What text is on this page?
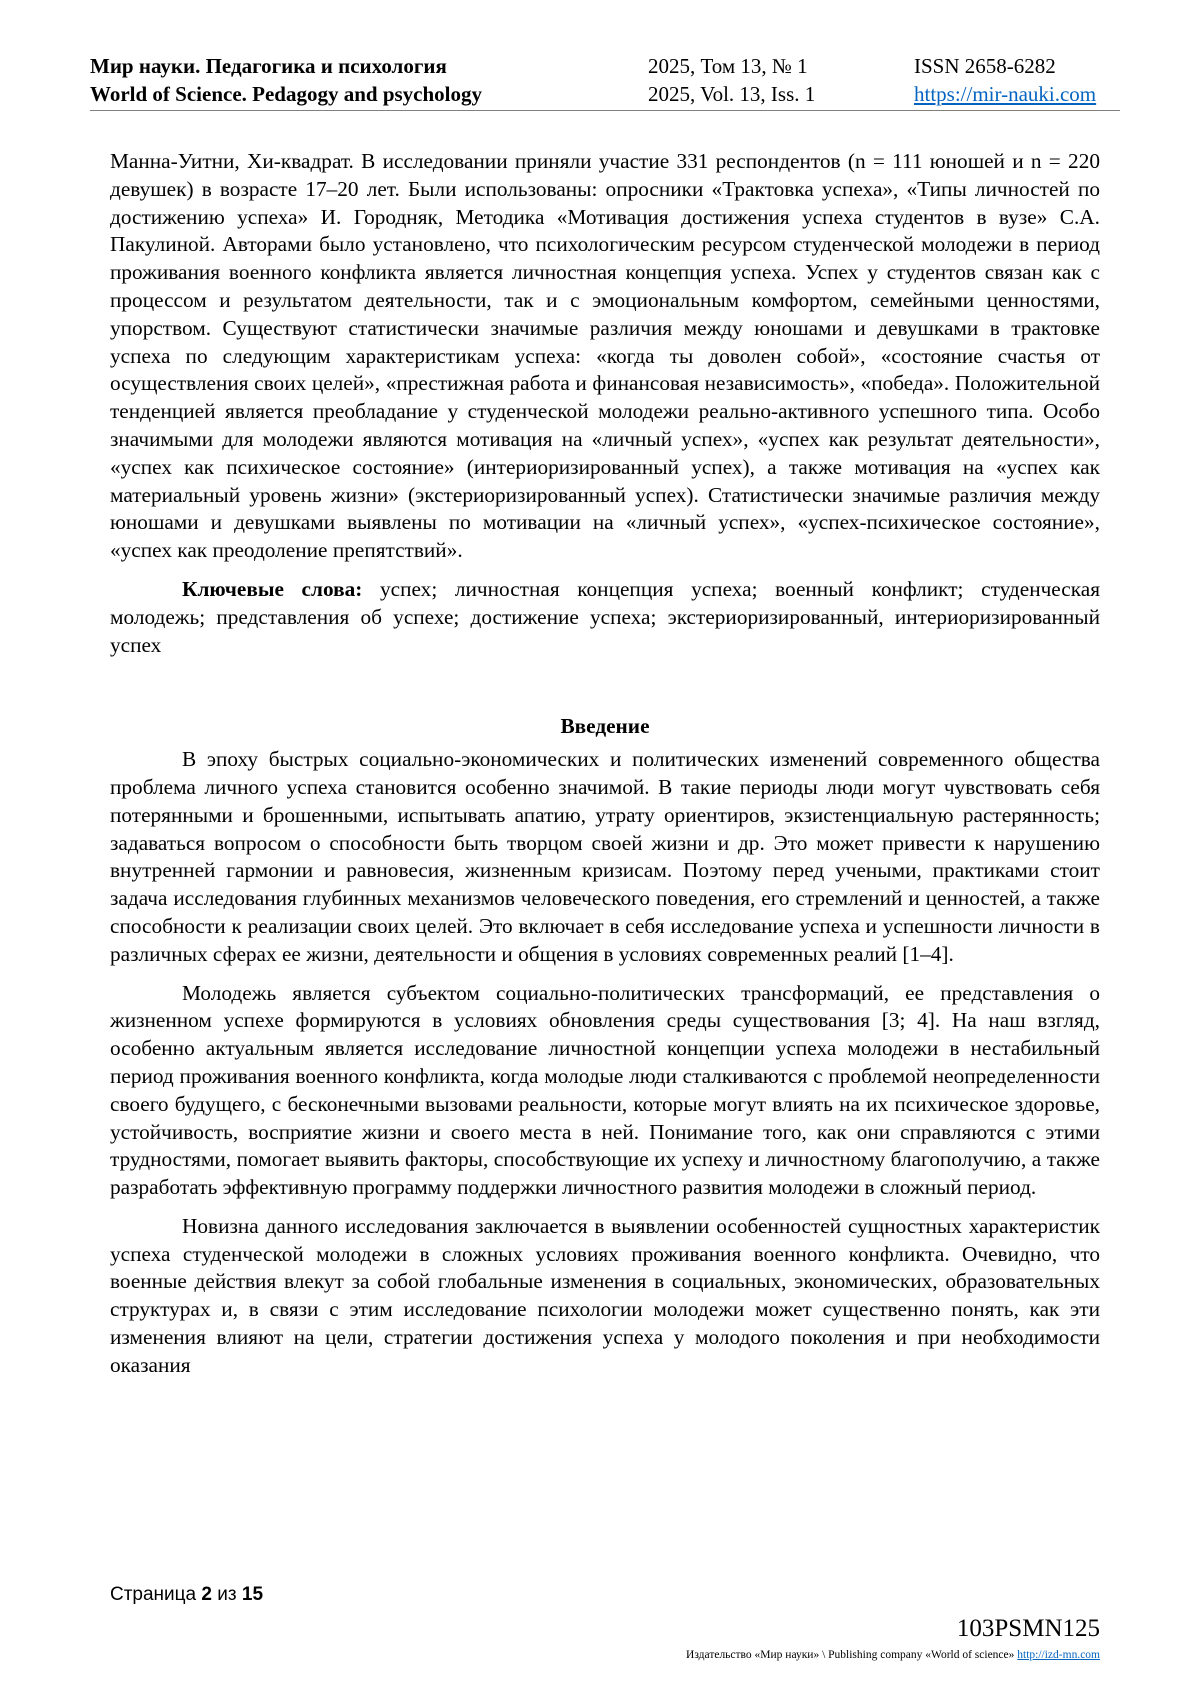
Мир науки. Педагогика и психология
World of Science. Pedagogy and psychology
2025, Том 13, № 1
2025, Vol. 13, Iss. 1
ISSN 2658-6282
https://mir-nauki.com

Манна-Уитни, Хи-квадрат. В исследовании приняли участие 331 респондентов (n = 111 юношей и n = 220 девушек) в возрасте 17–20 лет. Были использованы: опросники «Трактовка успеха», «Типы личностей по достижению успеха» И. Городняк, Методика «Мотивация достижения успеха студентов в вузе» С.А. Пакулиной. Авторами было установлено, что психологическим ресурсом студенческой молодежи в период проживания военного конфликта является личностная концепция успеха. Успех у студентов связан как с процессом и результатом деятельности, так и с эмоциональным комфортом, семейными ценностями, упорством. Существуют статистически значимые различия между юношами и девушками в трактовке успеха по следующим характеристикам успеха: «когда ты доволен собой», «состояние счастья от осуществления своих целей», «престижная работа и финансовая независимость», «победа». Положительной тенденцией является преобладание у студенческой молодежи реально-активного успешного типа. Особо значимыми для молодежи являются мотивация на «личный успех», «успех как результат деятельности», «успех как психическое состояние» (интериоризированный успех), а также мотивация на «успех как материальный уровень жизни» (экстериоризированный успех). Статистически значимые различия между юношами и девушками выявлены по мотивации на «личный успех», «успех-психическое состояние», «успех как преодоление препятствий».

Ключевые слова: успех; личностная концепция успеха; военный конфликт; студенческая молодежь; представления об успехе; достижение успеха; экстериоризированный, интериоризированный успех

Введение

В эпоху быстрых социально-экономических и политических изменений современного общества проблема личного успеха становится особенно значимой. В такие периоды люди могут чувствовать себя потерянными и брошенными, испытывать апатию, утрату ориентиров, экзистенциальную растерянность; задаваться вопросом о способности быть творцом своей жизни и др. Это может привести к нарушению внутренней гармонии и равновесия, жизненным кризисам. Поэтому перед учеными, практиками стоит задача исследования глубинных механизмов человеческого поведения, его стремлений и ценностей, а также способности к реализации своих целей. Это включает в себя исследование успеха и успешности личности в различных сферах ее жизни, деятельности и общения в условиях современных реалий [1–4].

Молодежь является субъектом социально-политических трансформаций, ее представления о жизненном успехе формируются в условиях обновления среды существования [3; 4]. На наш взгляд, особенно актуальным является исследование личностной концепции успеха молодежи в нестабильный период проживания военного конфликта, когда молодые люди сталкиваются с проблемой неопределенности своего будущего, с бесконечными вызовами реальности, которые могут влиять на их психическое здоровье, устойчивость, восприятие жизни и своего места в ней. Понимание того, как они справляются с этими трудностями, помогает выявить факторы, способствующие их успеху и личностному благополучию, а также разработать эффективную программу поддержки личностного развития молодежи в сложный период.

Новизна данного исследования заключается в выявлении особенностей сущностных характеристик успеха студенческой молодежи в сложных условиях проживания военного конфликта. Очевидно, что военные действия влекут за собой глобальные изменения в социальных, экономических, образовательных структурах и, в связи с этим исследование психологии молодежи может существенно понять, как эти изменения влияют на цели, стратегии достижения успеха у молодого поколения и при необходимости оказания

Страница 2 из 15
103PSMN125
Издательство «Мир науки» \ Publishing company «World of science» http://izd-mn.com
